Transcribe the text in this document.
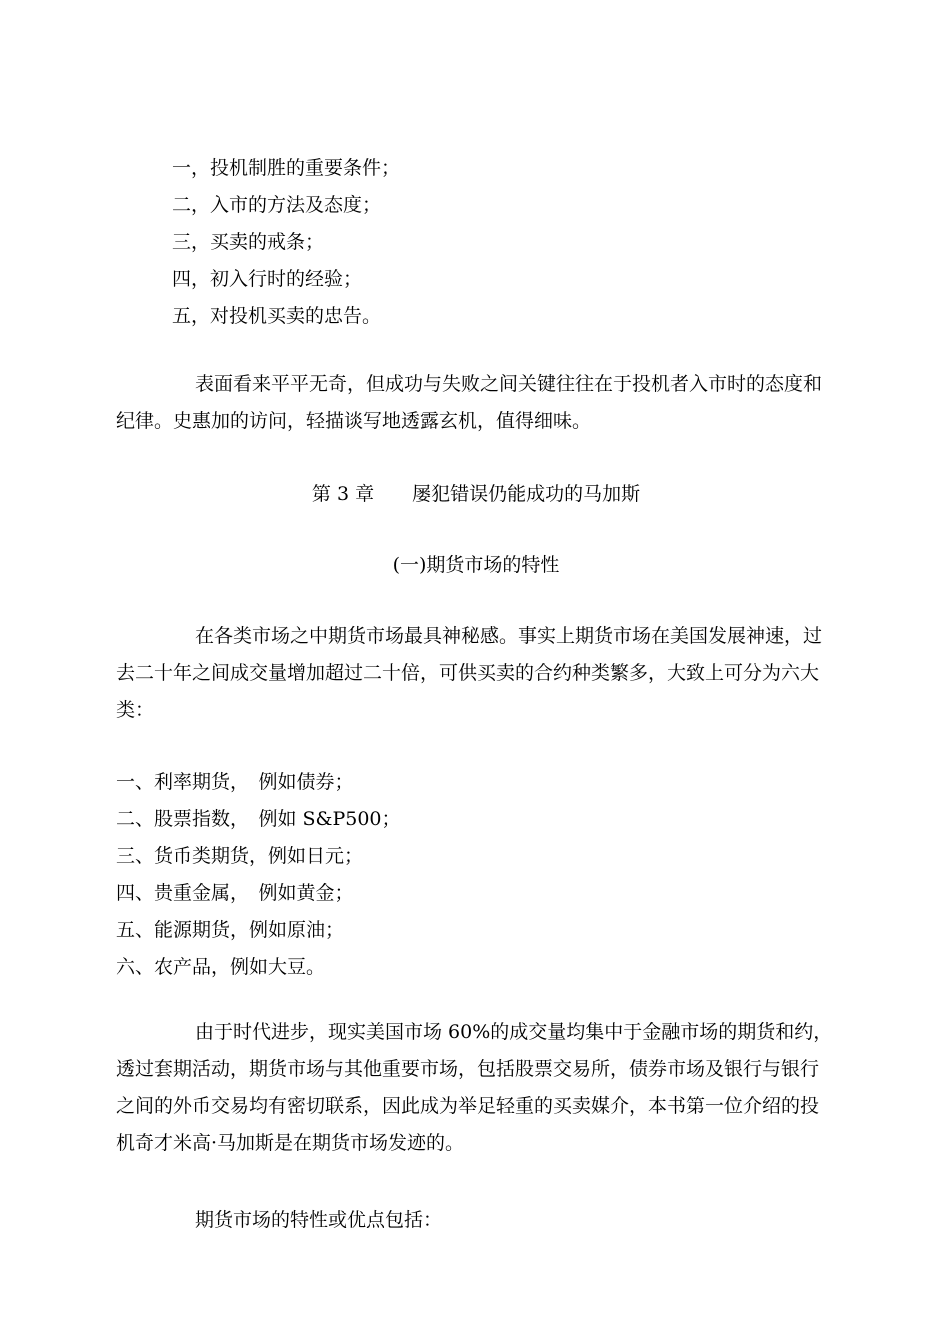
一，投机制胜的重要条件；
二，入市的方法及态度；
三，买卖的戒条；
四，初入行时的经验；
五，对投机买卖的忠告。
表面看来平平无奇，但成功与失败之间关键往往在于投机者入市时的态度和纪律。史惠加的访问，轻描谈写地透露玄机，值得细味。
第 3 章　　屡犯错误仍能成功的马加斯
(一)期货市场的特性
在各类市场之中期货市场最具神秘感。事实上期货市场在美国发展神速，过去二十年之间成交量增加超过二十倍，可供买卖的合约种类繁多，大致上可分为六大类：
一、利率期货，　例如债券；
二、股票指数，　例如 S&P500；
三、货币类期货，例如日元；
四、贵重金属，　例如黄金；
五、能源期货，例如原油；
六、农产品，例如大豆。
由于时代进步，现实美国市场 60%的成交量均集中于金融市场的期货和约，透过套期活动，期货市场与其他重要市场，包括股票交易所，债券市场及银行与银行之间的外币交易均有密切联系，因此成为举足轻重的买卖媒介，本书第一位介绍的投机奇才米高·马加斯是在期货市场发迹的。
期货市场的特性或优点包括：
